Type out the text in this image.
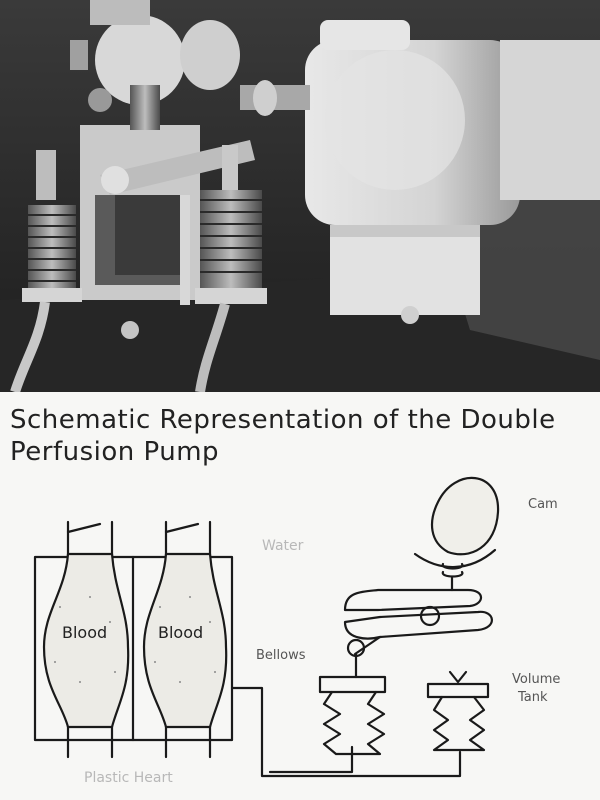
Schematic Representation of the Double Perfusion Pump
Cam
Water
Blood	Blood
Bellows
Volume
Tank
Plastic Heart
